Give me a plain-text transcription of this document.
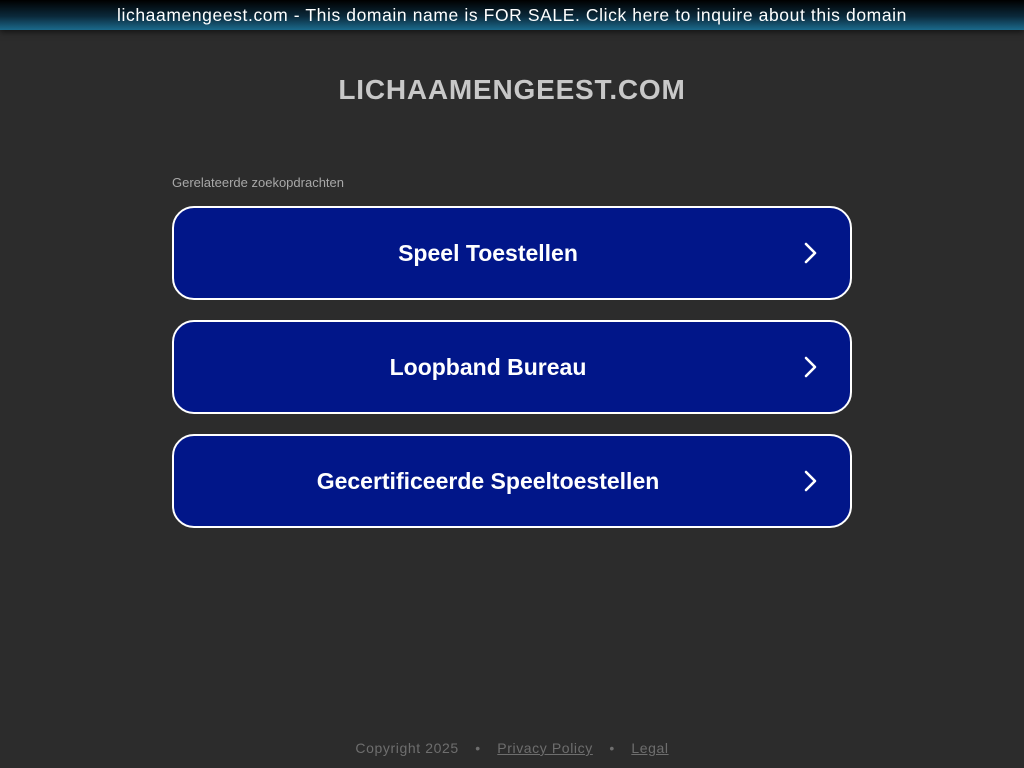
lichaamengeest.com - This domain name is FOR SALE. Click here to inquire about this domain
LICHAAMENGEEST.COM
Gerelateerde zoekopdrachten
Speel Toestellen
Loopband Bureau
Gecertificeerde Speeltoestellen
Copyright 2025 • Privacy Policy • Legal
